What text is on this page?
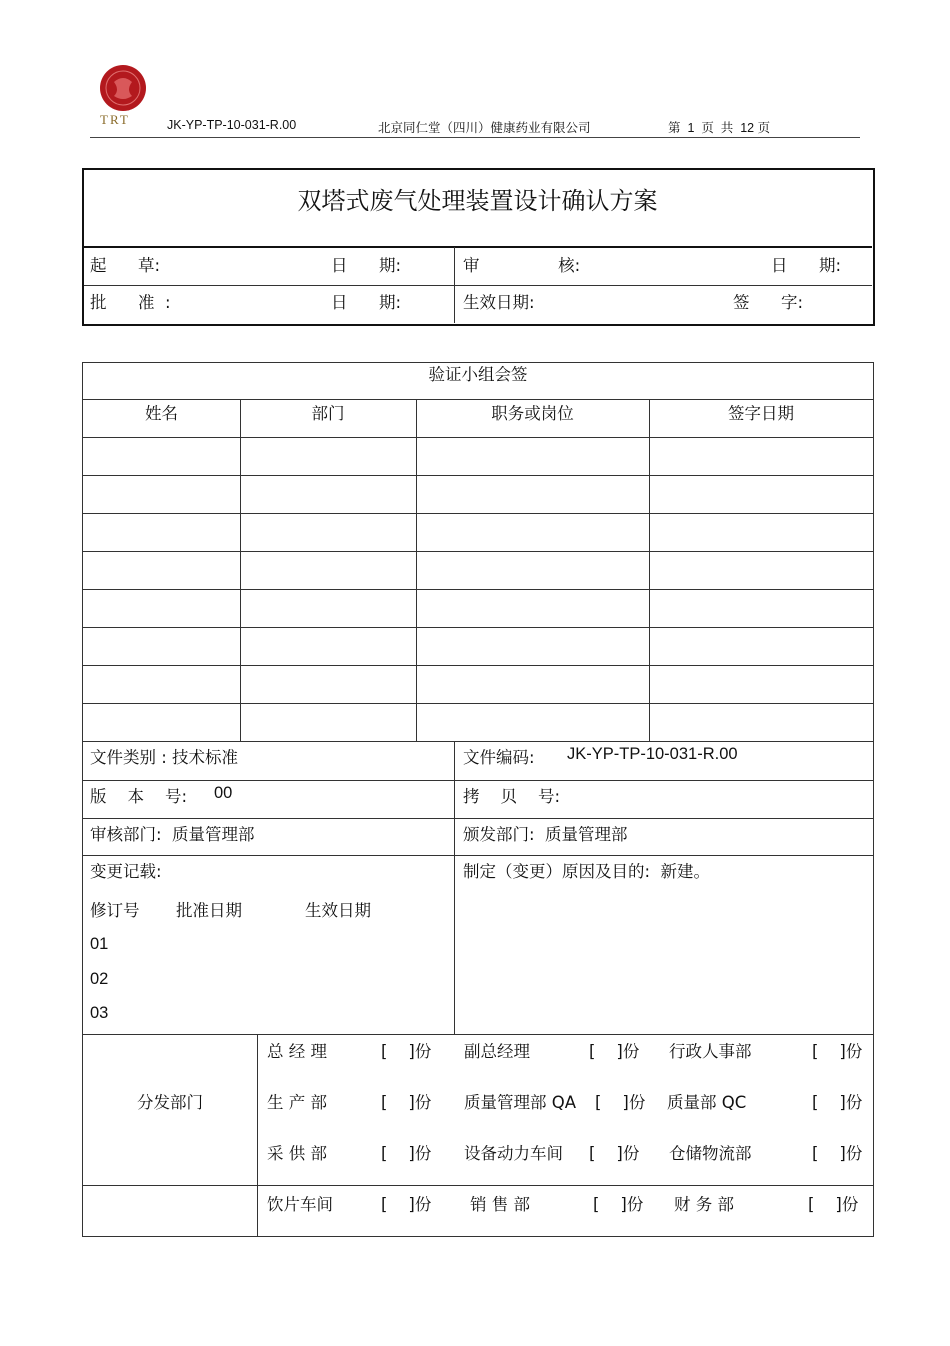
TRT	JK-YP-TP-10-031-R.00	北京同仁堂（四川）健康药业有限公司	第  1  页  共  12 页
双塔式废气处理装置设计确认方案
起      草:	日      期:	审               核:	日      期:
批      准  :	日      期:	生效日期:	签      字:
验证小组会签
姓名	部门	职务或岗位	签字日期
文件类别 : 技术标准	文件编码: JK-YP-TP-10-031-R.00
版    本    号: 00	拷    贝    号:
审核部门:  质量管理部	颁发部门:  质量管理部
变更记载:	制定（变更）原因及目的:  新建。
修订号 批准日期	生效日期
01
02
03
分发部门
总 经 理	[    ]份 副总经理	[    ]份 行政人事部	[    ]份
生 产 部	[    ]份 质量管理部 QA [    ]份 质量部 QC	[    ]份
采 供 部	[    ]份 设备动力车间 [    ]份 仓储物流部	[    ]份
饮片车间	[    ]份 销 售 部	[    ]份 财 务 部	[    ]份
